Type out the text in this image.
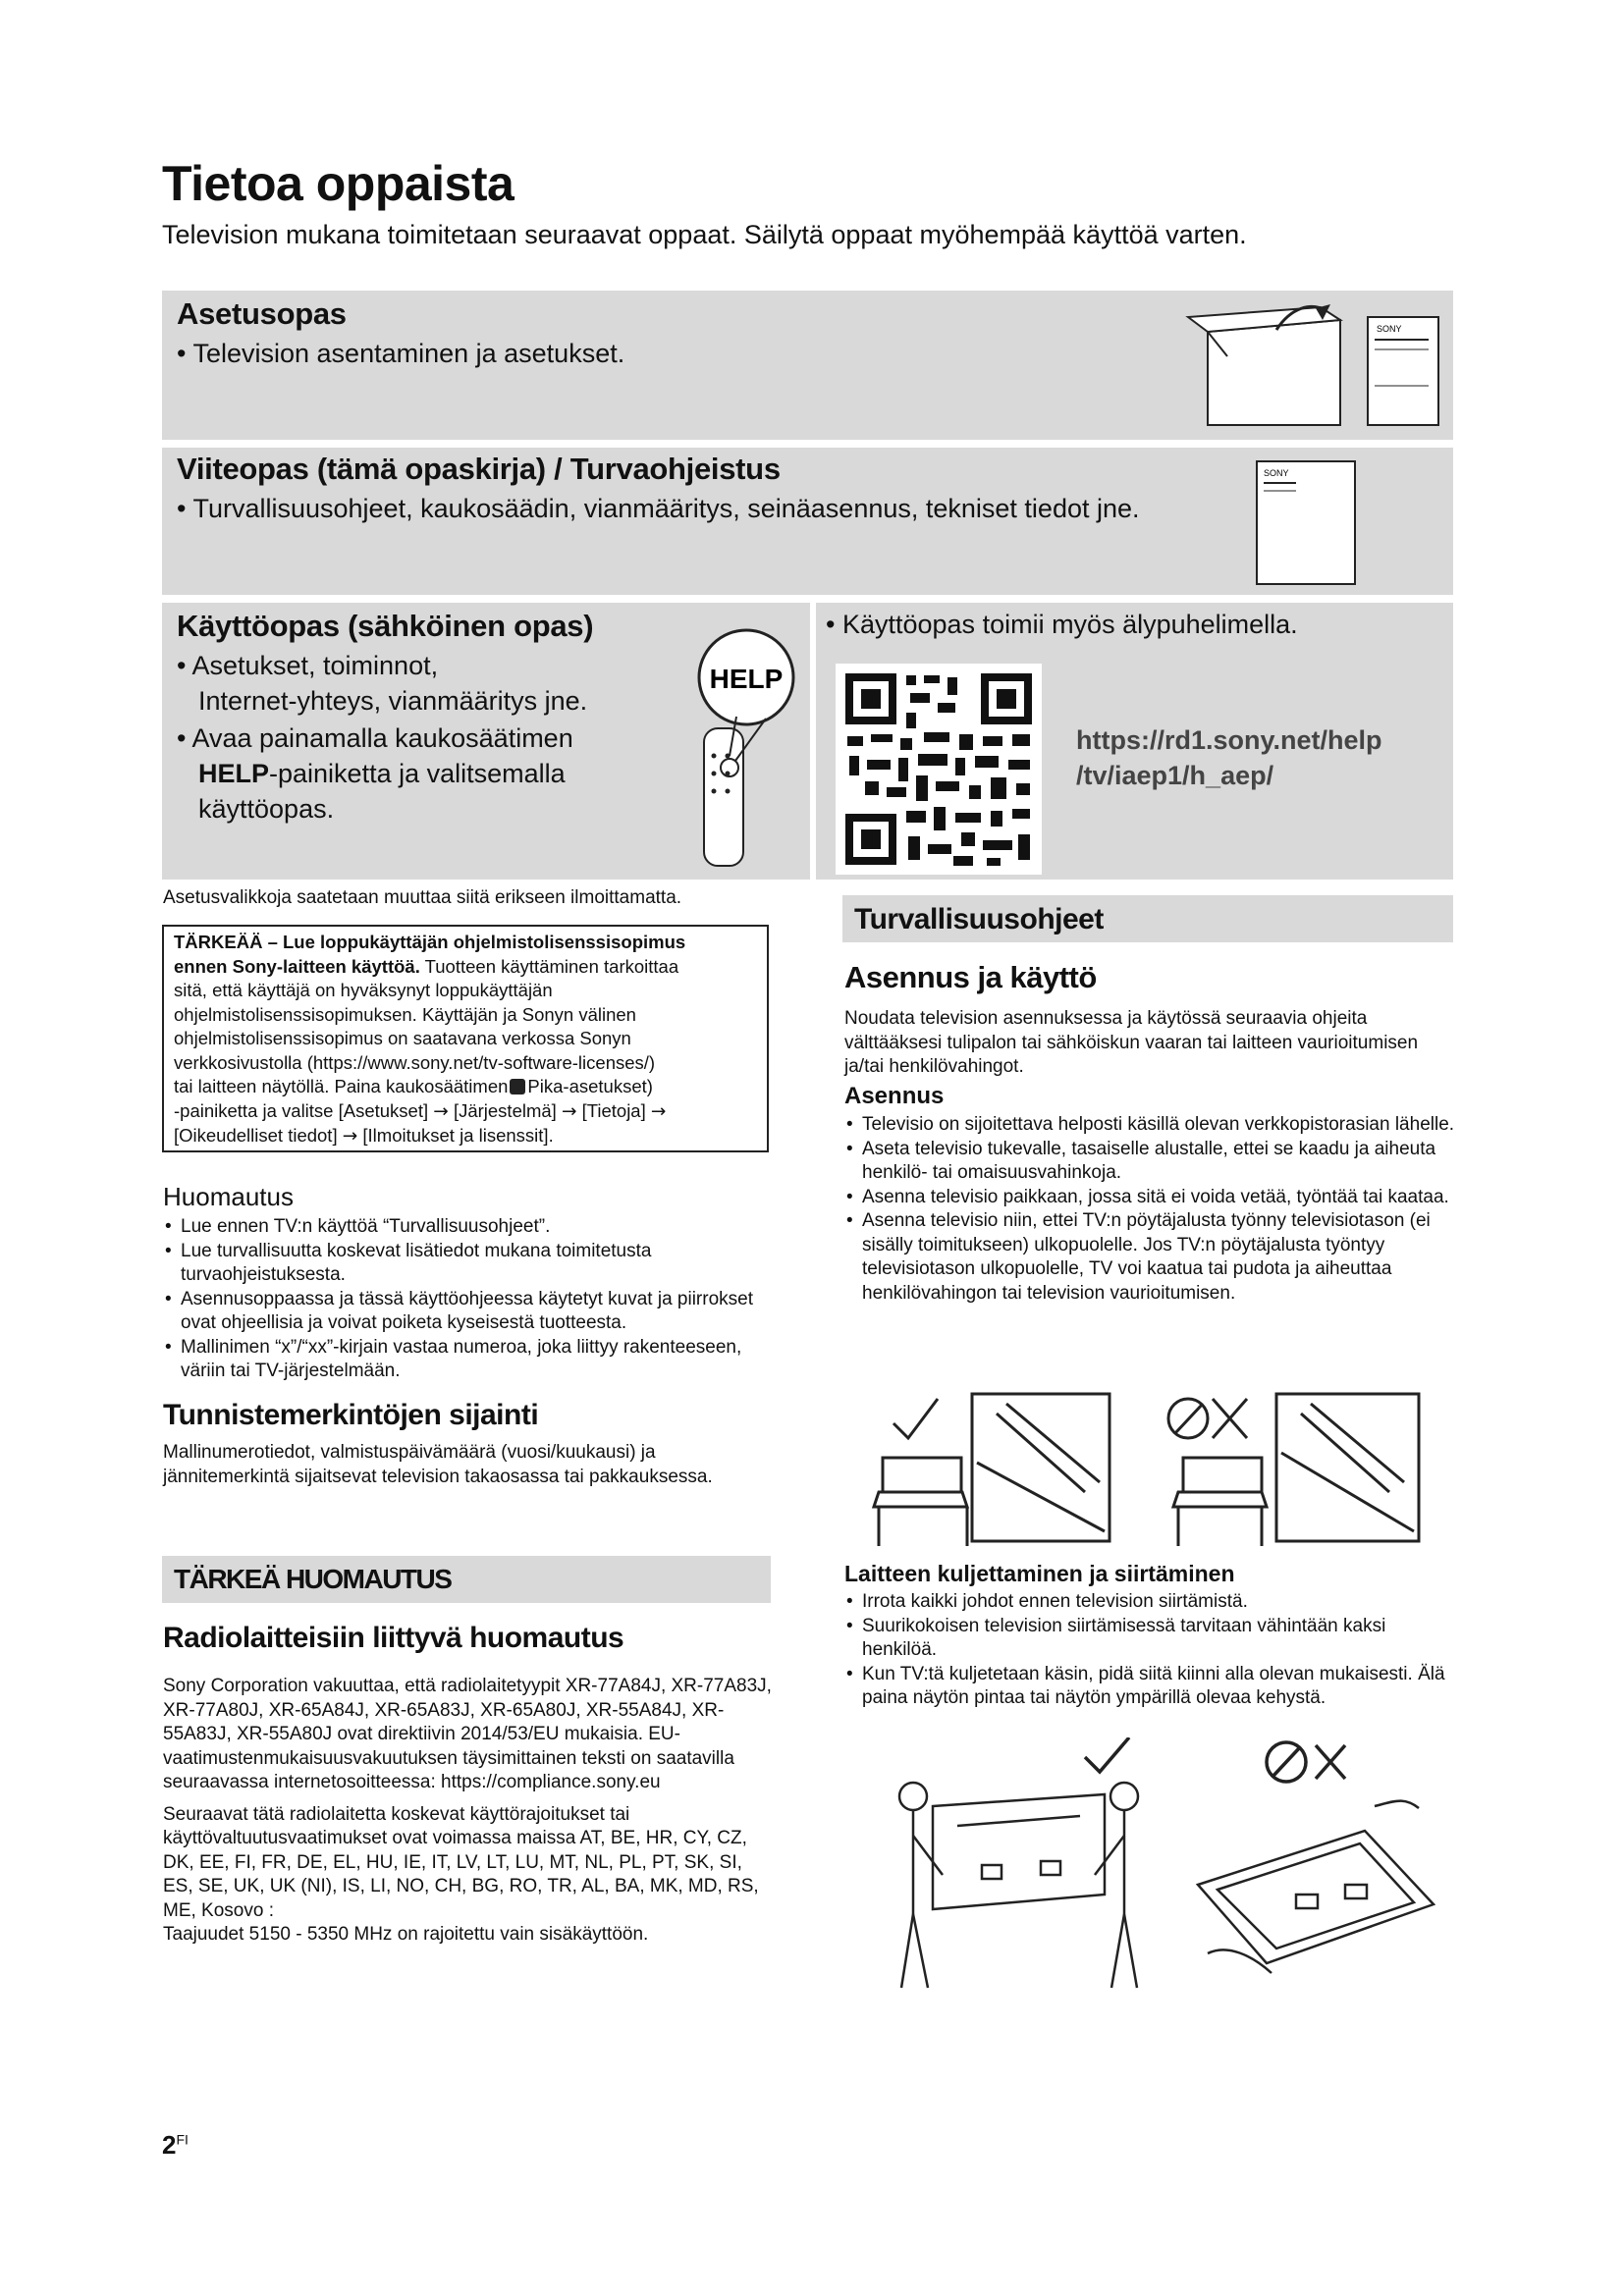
Tietoa oppaista
Television mukana toimitetaan seuraavat oppaat. Säilytä oppaat myöhempää käyttöä varten.
Asetusopas
• Television asentaminen ja asetukset.
SONY
Viiteopas (tämä opaskirja) / Turvaohjeistus
• Turvallisuusohjeet, kaukosäädin, vianmääritys, seinäasennus, tekniset tiedot jne.
SONY
Käyttöopas (sähköinen opas)
• Asetukset, toiminnot,
Internet-yhteys, vianmääritys jne.
• Avaa painamalla kaukosäätimen
HELP-painiketta ja valitsemalla
käyttöopas.
HELP
• Käyttöopas toimii myös älypuhelimella.
https://rd1.sony.net/help
/tv/iaep1/h_aep/
Asetusvalikkoja saatetaan muuttaa siitä erikseen ilmoittamatta.
TÄRKEÄÄ – Lue loppukäyttäjän ohjelmistolisenssisopimus
ennen Sony-laitteen käyttöä. Tuotteen käyttäminen tarkoittaa
sitä, että käyttäjä on hyväksynyt loppukäyttäjän
ohjelmistolisenssisopimuksen. Käyttäjän ja Sonyn välinen
ohjelmistolisenssisopimus on saatavana verkossa Sonyn
verkkosivustolla (https://www.sony.net/tv-software-licenses/)
tai laitteen näytöllä. Paina kaukosäätimen Pika-asetukset)
-painiketta ja valitse [Asetukset] → [Järjestelmä] → [Tietoja] →
[Oikeudelliset tiedot] → [Ilmoitukset ja lisenssit].
Huomautus

• Lue ennen TV:n käyttöä “Turvallisuusohjeet”.

• Lue turvallisuutta koskevat lisätiedot mukana toimitetusta turvaohjeistuksesta.

• Asennusoppaassa ja tässä käyttöohjeessa käytetyt kuvat ja piirrokset ovat ohjeellisia ja voivat poiketa kyseisestä tuotteesta.

• Mallinimen “x”/“xx”-kirjain vastaa numeroa, joka liittyy rakenteeseen, väriin tai TV-järjestelmään.

Tunnistemerkintöjen sijainti
Mallinumerotiedot, valmistuspäivämäärä (vuosi/kuukausi) ja jännitemerkintä sijaitsevat television takaosassa tai pakkauksessa.
TÄRKEÄ HUOMAUTUS
Radiolaitteisiin liittyvä huomautus

Sony Corporation vakuuttaa, että radiolaitetyypit XR-77A84J, XR-77A83J, XR-77A80J, XR-65A84J, XR-65A83J, XR-65A80J, XR-55A84J, XR-55A83J, XR-55A80J ovat direktiivin 2014/53/EU mukaisia. EU-vaatimustenmukaisuusvakuutuksen täysimittainen teksti on saatavilla seuraavassa internetosoitteessa: https://compliance.sony.eu

Seuraavat tätä radiolaitetta koskevat käyttörajoitukset tai käyttövaltuutusvaatimukset ovat voimassa maissa AT, BE, HR, CY, CZ, DK, EE, FI, FR, DE, EL, HU, IE, IT, LV, LT, LU, MT, NL, PL, PT, SK, SI, ES, SE, UK, UK (NI), IS, LI, NO, CH, BG, RO, TR, AL, BA, MK, MD, RS, ME, Kosovo :

Taajuudet 5150 - 5350 MHz on rajoitettu vain sisäkäyttöön.

Turvallisuusohjeet
Asennus ja käyttö
Noudata television asennuksessa ja käytössä seuraavia ohjeita välttääksesi tulipalon tai sähköiskun vaaran tai laitteen vaurioitumisen ja/tai henkilövahingot.
Asennus

• Televisio on sijoitettava helposti käsillä olevan verkkopistorasian lähelle.

• Aseta televisio tukevalle, tasaiselle alustalle, ettei se kaadu ja aiheuta henkilö- tai omaisuusvahinkoja.

• Asenna televisio paikkaan, jossa sitä ei voida vetää, työntää tai kaataa.

• Asenna televisio niin, ettei TV:n pöytäjalusta työnny televisiotason (ei sisälly toimitukseen) ulkopuolelle. Jos TV:n pöytäjalusta työntyy televisiotason ulkopuolelle, TV voi kaatua tai pudota ja aiheuttaa henkilövahingon tai television vaurioitumisen.

Laitteen kuljettaminen ja siirtäminen

• Irrota kaikki johdot ennen television siirtämistä.

• Suurikokoisen television siirtämisessä tarvitaan vähintään kaksi henkilöä.

• Kun TV:tä kuljetetaan käsin, pidä siitä kiinni alla olevan mukaisesti. Älä paina näytön pintaa tai näytön ympärillä olevaa kehystä.

$2^{FI}$
